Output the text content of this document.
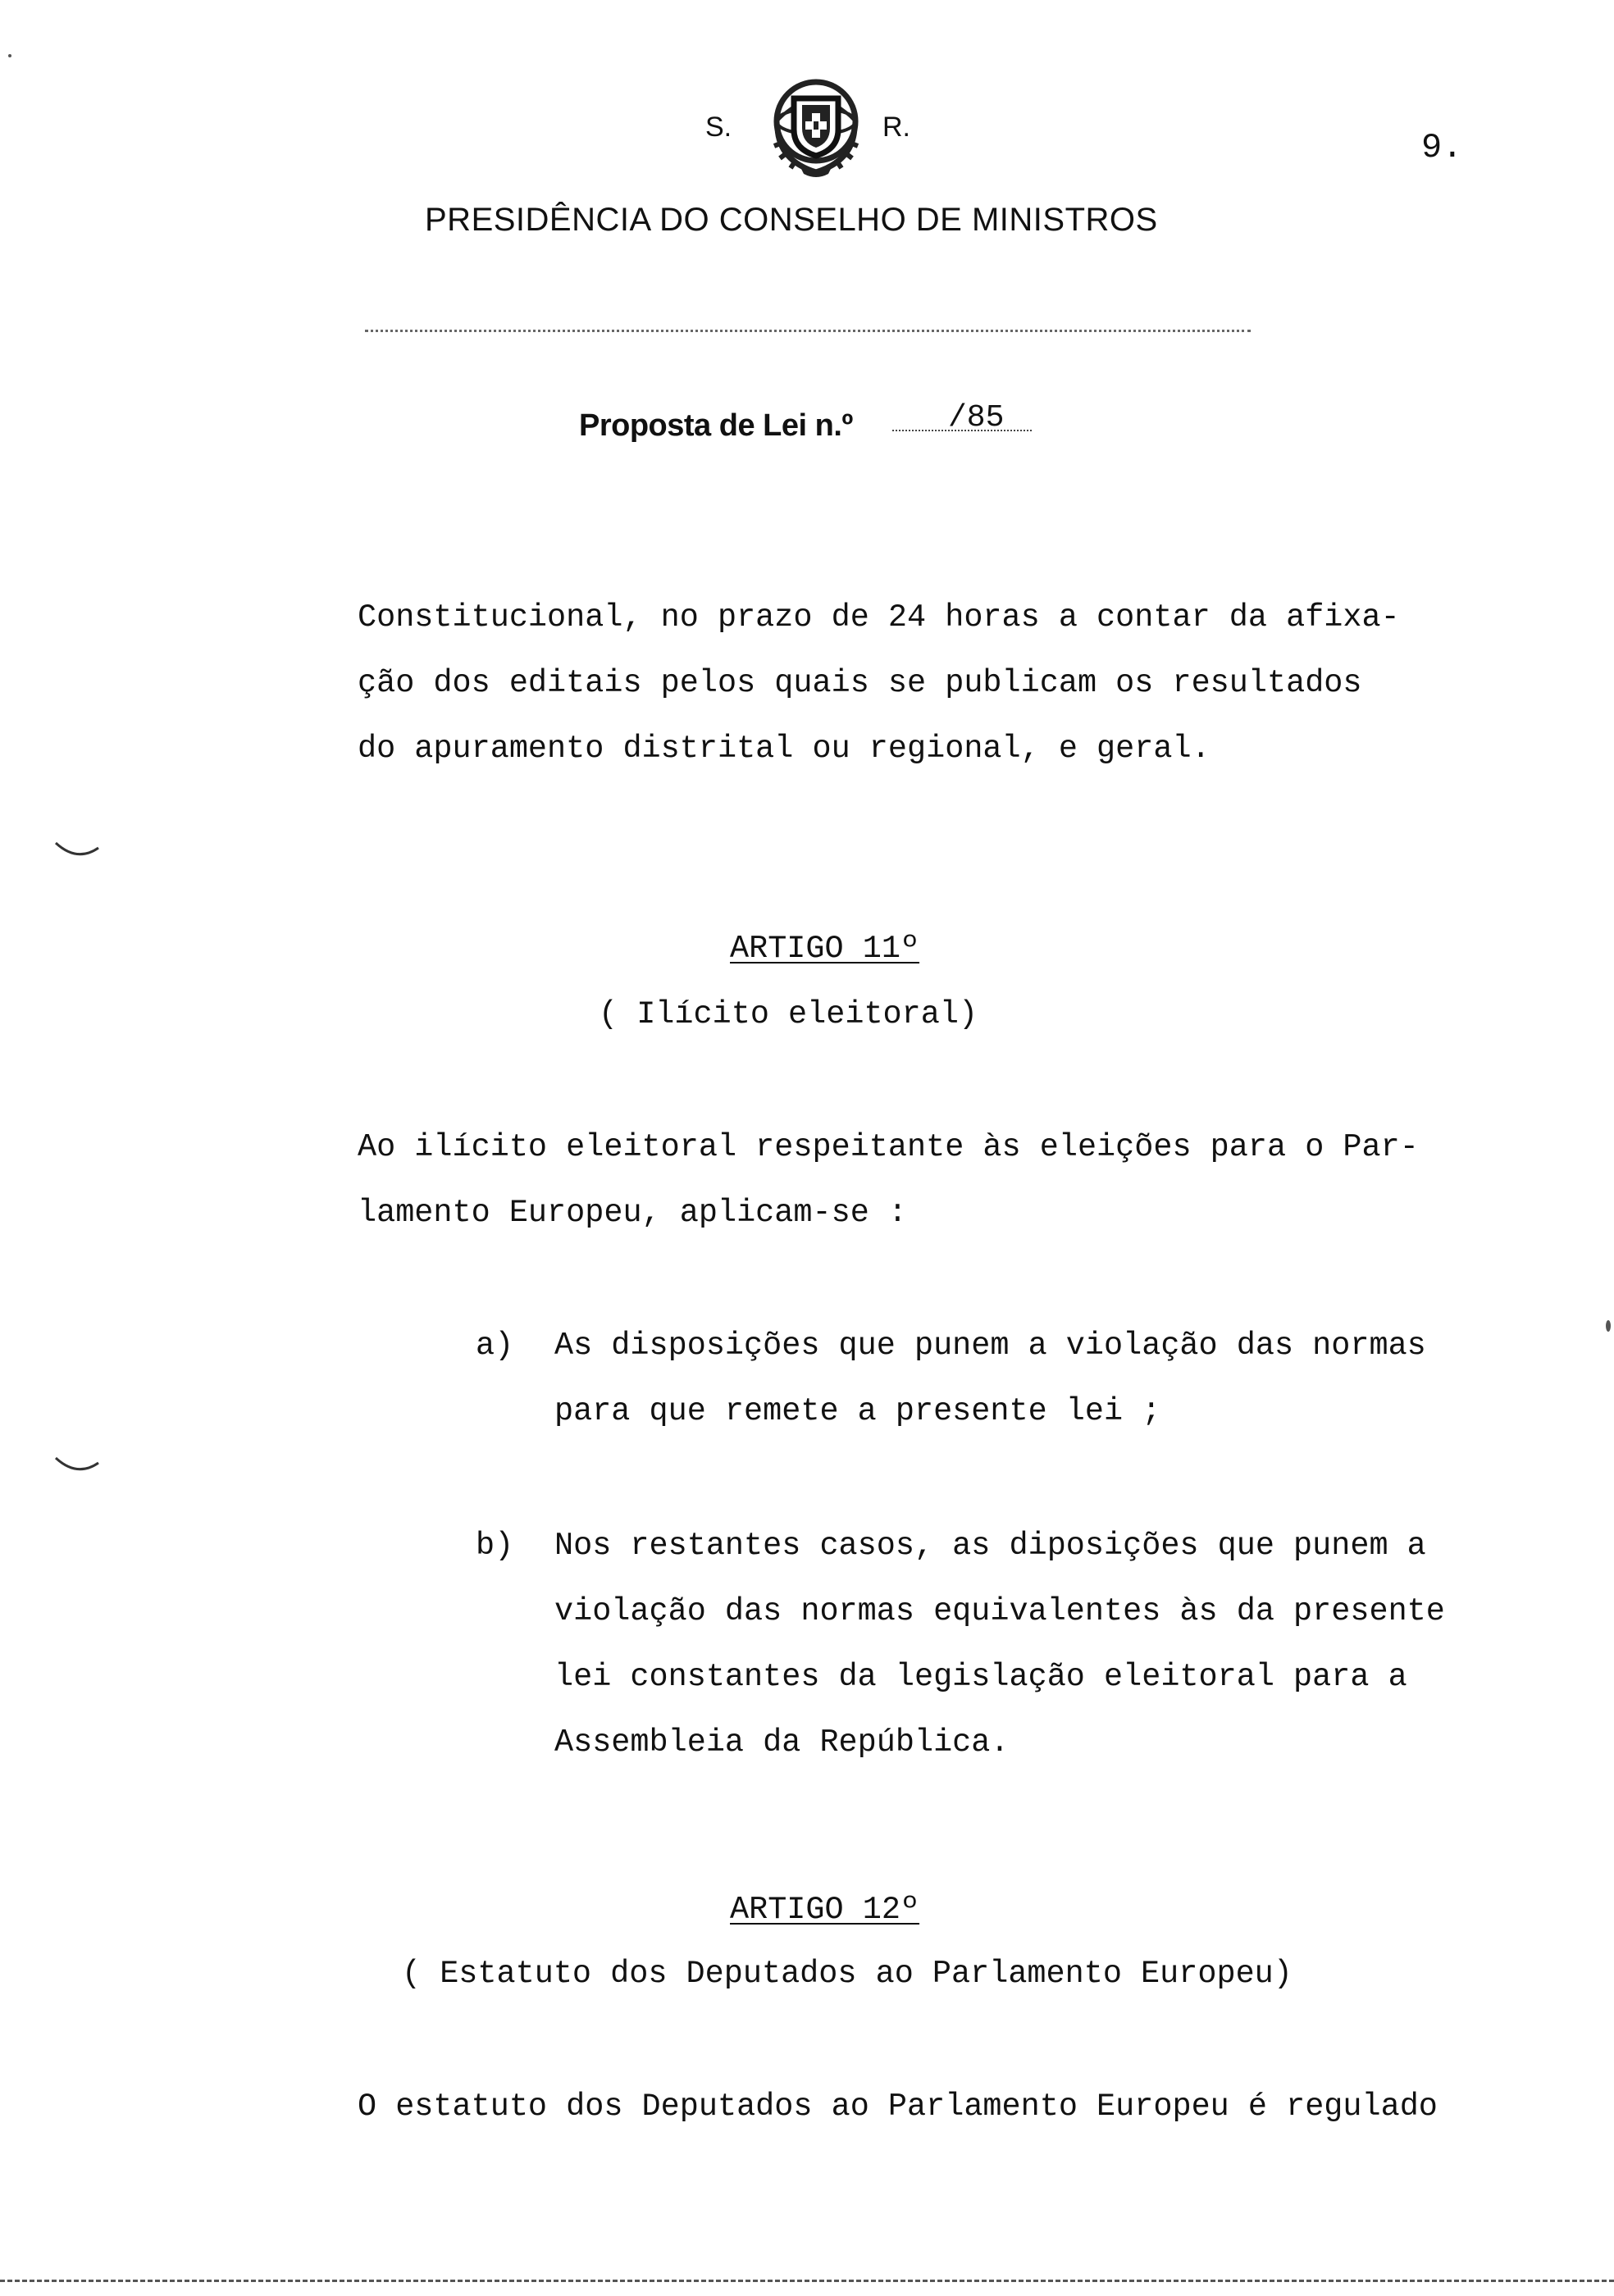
S.	R.
9.
PRESIDÊNCIA DO CONSELHO DE MINISTROS
Proposta de Lei n.º	/85
Constitucional, no prazo de 24 horas a contar da afixa-
ção dos editais pelos quais se publicam os resultados
do apuramento distrital ou regional, e geral.
ARTIGO 11º
( Ilícito eleitoral)
Ao ilícito eleitoral respeitante às eleições para o Par-
lamento Europeu, aplicam-se :
a) As disposições que punem a violação das normas
para que remete a presente lei ;
b) Nos restantes casos, as diposições que punem a
violação das normas equivalentes às da presente
lei constantes da legislação eleitoral para a
Assembleia da República.
ARTIGO 12º
( Estatuto dos Deputados ao Parlamento Europeu)
O estatuto dos Deputados ao Parlamento Europeu é regulado
